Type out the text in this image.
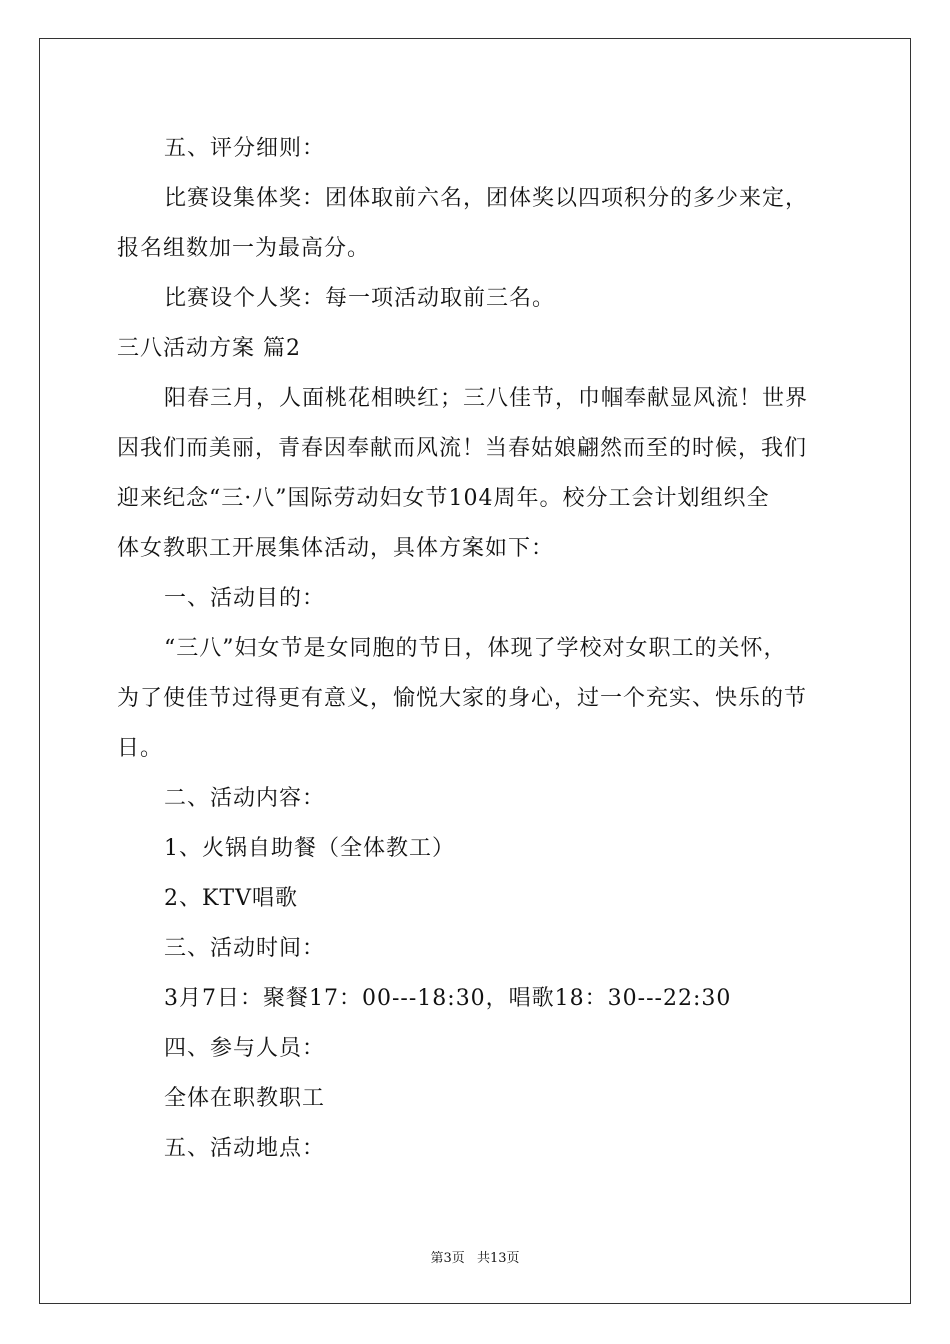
五、评分细则：
比赛设集体奖：团体取前六名，团体奖以四项积分的多少来定，
报名组数加一为最高分。
比赛设个人奖：每一项活动取前三名。
三八活动方案 篇2
阳春三月，人面桃花相映红；三八佳节，巾帼奉献显风流！世界
因我们而美丽，青春因奉献而风流！当春姑娘翩然而至的时候，我们
迎来纪念“三·八”国际劳动妇女节104周年。校分工会计划组织全
体女教职工开展集体活动，具体方案如下：
一、活动目的：
“三八”妇女节是女同胞的节日，体现了学校对女职工的关怀，
为了使佳节过得更有意义，愉悦大家的身心，过一个充实、快乐的节
日。
二、活动内容：
1、火锅自助餐（全体教工）
2、KTV唱歌
三、活动时间：
3月7日：聚餐17：00---18:30，唱歌18：30---22:30
四、参与人员：
全体在职教职工
五、活动地点：
第3页 共13页
